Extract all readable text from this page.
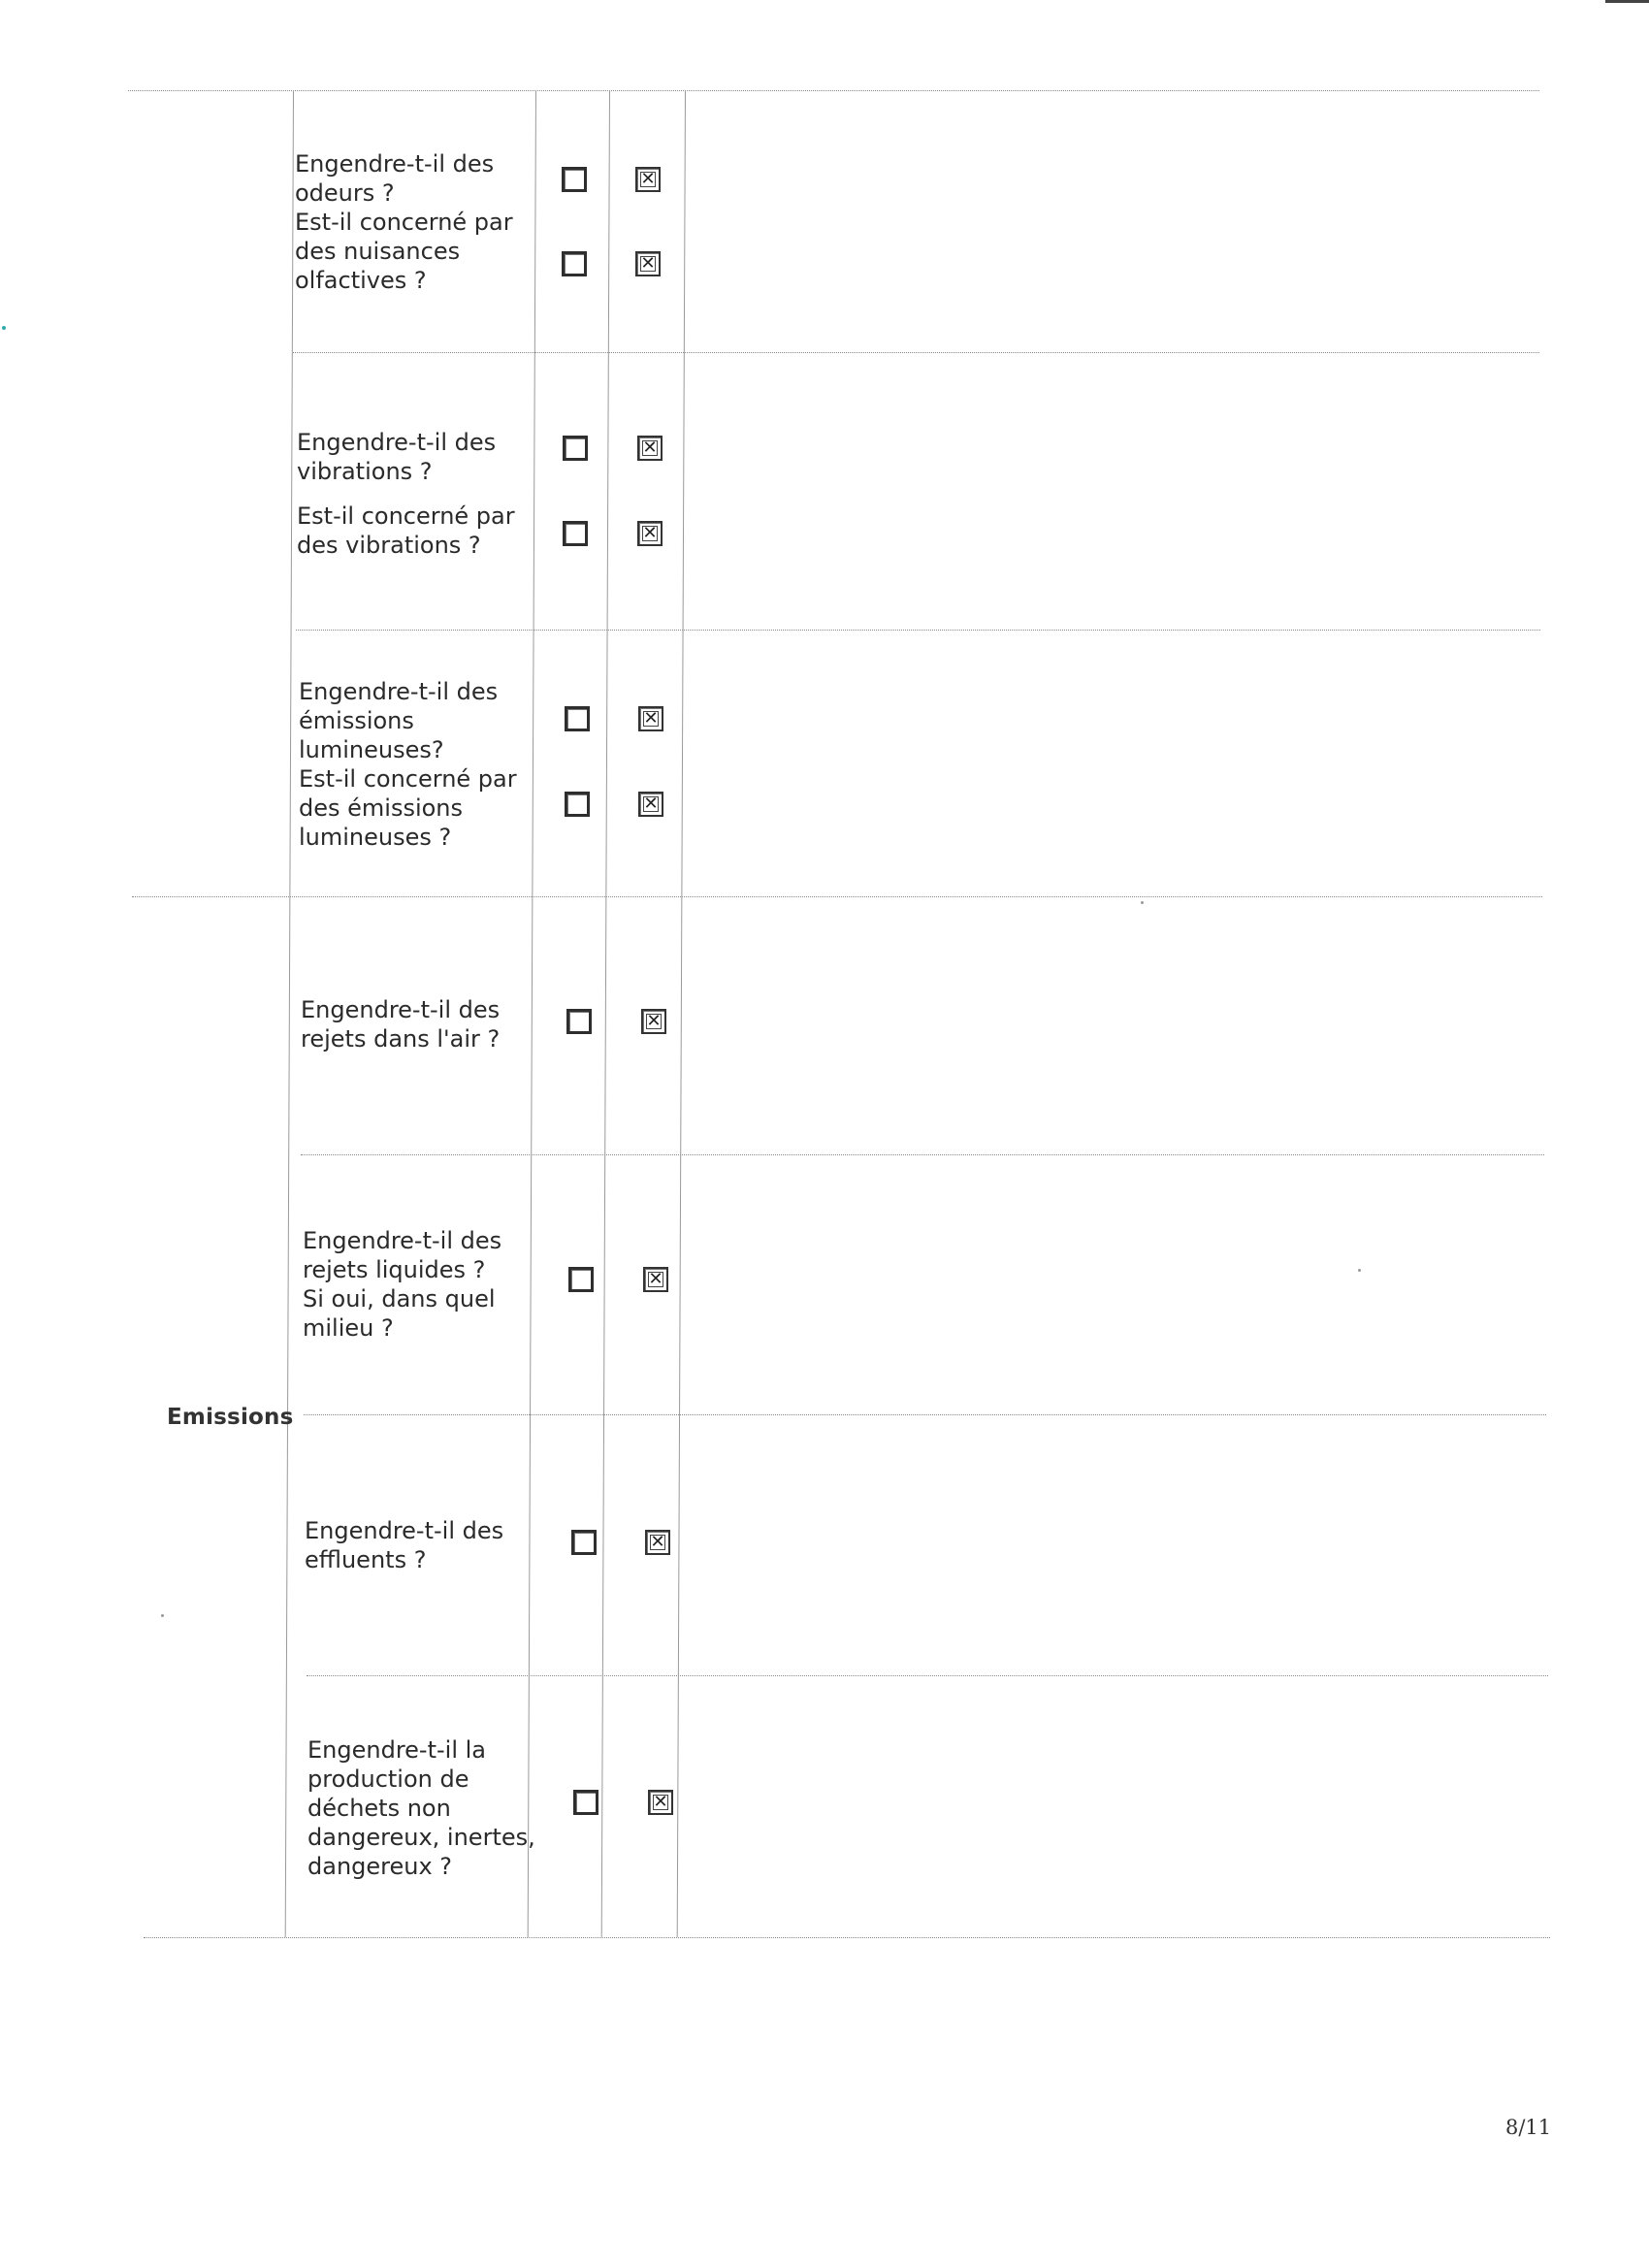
Emissions
Engendre-t-il des
odeurs ?
Est-il concerné par
des nuisances
olfactives ?
✕
✕
Engendre-t-il des
vibrations ?
Est-il concerné par
des vibrations ?
✕
✕
Engendre-t-il des
émissions
lumineuses?
Est-il concerné par
des émissions
lumineuses ?
✕
✕
Engendre-t-il des
rejets dans l'air ?
✕
Engendre-t-il des
rejets liquides ?
Si oui, dans quel
milieu ?
✕
Engendre-t-il des
effluents ?
✕
Engendre-t-il la
production de
déchets non
dangereux, inertes,
dangereux ?
✕
8/11
